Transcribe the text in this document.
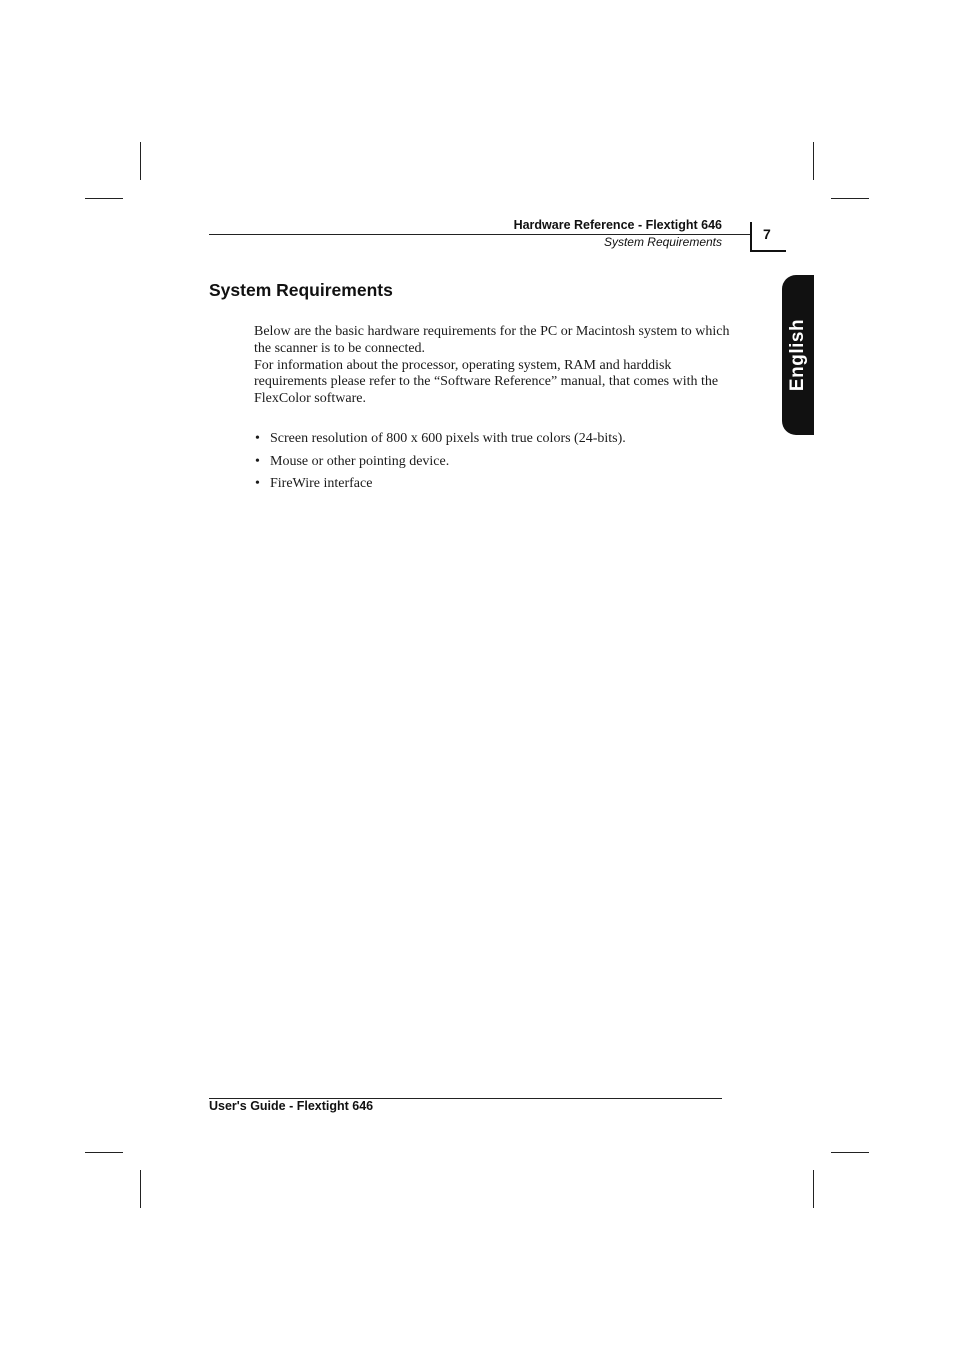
Hardware Reference - Flextight 646
System Requirements	7
English
System Requirements

Below are the basic hardware requirements for the PC or Macintosh system to which the scanner is to be connected.

For information about the processor, operating system, RAM and harddisk requirements please refer to the “Software Reference” manual, that comes with the FlexColor software.

• Screen resolution of 800 x 600 pixels with true colors (24-bits).
• Mouse or other pointing device.
• FireWire interface
User's Guide - Flextight 646
